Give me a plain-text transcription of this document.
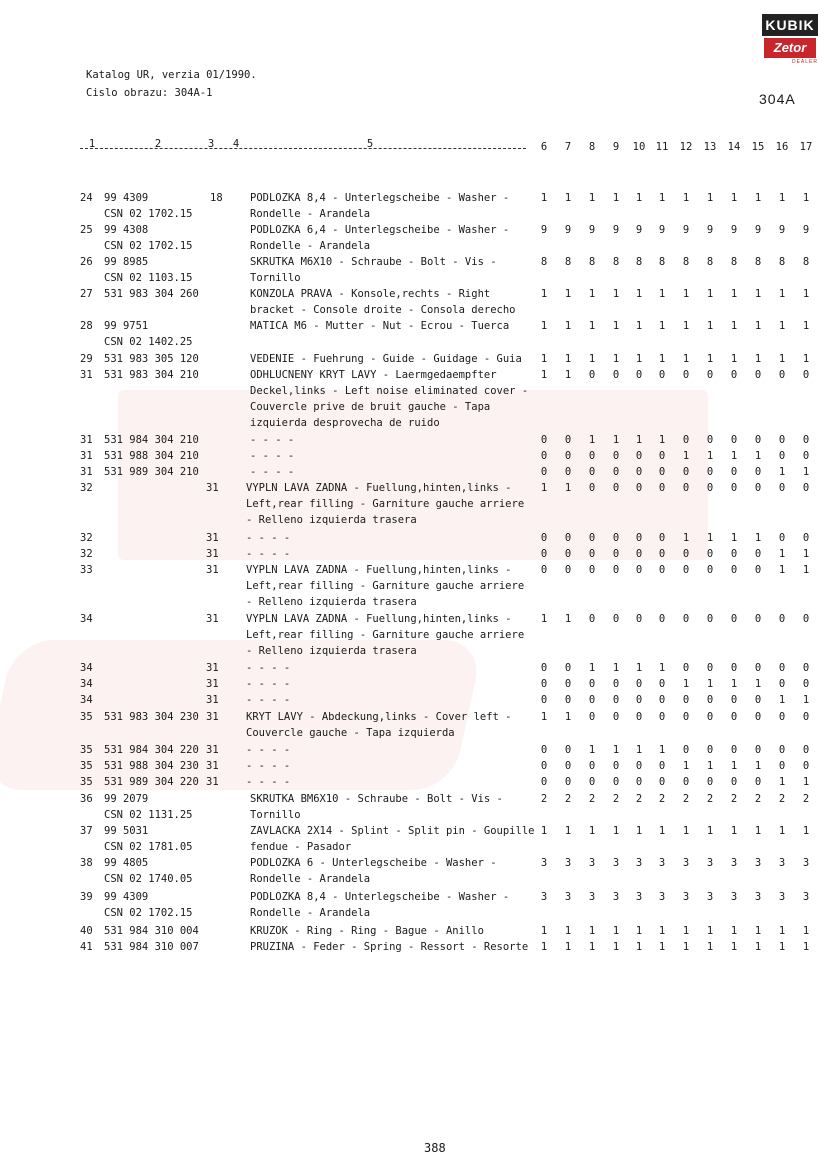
KUBIK
Zetor
DEALER
Katalog UR, verzia 01/1990.
Cislo obrazu: 304A-1	304A
1	2	3	4	5	6	7	8	9	10 11	12	13	14	15	16	17
24 99 4309
CSN 02 1702.15
18	PODLOZKA 8,4 - Unterlegscheibe - Washer -
Rondelle - Arandela
1	1	1	1	1	1	1	1	1	1	1	1
25 99 4308
CSN 02 1702.15
PODLOZKA 6,4 - Unterlegscheibe - Washer -
Rondelle - Arandela
9	9	9	9	9	9	9	9	9	9	9	9
26 99 8985
CSN 02 1103.15
SKRUTKA M6X10 - Schraube - Bolt - Vis -
Tornillo
8	8	8	8	8	8	8	8	8	8	8	8
27 531 983 304 260	KONZOLA PRAVA - Konsole,rechts - Right
bracket - Console droite - Consola derecho
1	1	1	1	1	1	1	1	1	1	1	1
28 99 9751
CSN 02 1402.25
MATICA M6 - Mutter - Nut - Ecrou - Tuerca	1	1	1	1	1	1	1	1	1	1	1	1
29 531 983 305 120	VEDENIE - Fuehrung - Guide - Guidage - Guia	1	1	1	1	1	1	1	1	1	1	1	1
31 531 983 304 210	ODHLUCNENY KRYT LAVY - Laermgedaempfter
Deckel,links - Left noise eliminated cover -
Couvercle prive de bruit gauche - Tapa
izquierda desprovecha de ruido
1	1	0	0	0	0	0	0	0	0	0	0
31 531 984 304 210	- - - -	0	0	1	1	1	1	0	0	0	0	0	0
31 531 988 304 210	- - - -	0	0	0	0	0	0	1	1	1	1	0	0
31 531 989 304 210	- - - -	0	0	0	0	0	0	0	0	0	0	1	1
32	31	VYPLN LAVA ZADNA - Fuellung,hinten,links -
Left,rear filling - Garniture gauche arriere
- Relleno izquierda trasera
1	1	0	0	0	0	0	0	0	0	0	0
32	31	- - - -	0	0	0	0	0	0	1	1	1	1	0	0
32	31	- - - -	0	0	0	0	0	0	0	0	0	0	1	1
33	31	VYPLN LAVA ZADNA - Fuellung,hinten,links -
Left,rear filling - Garniture gauche arriere
- Relleno izquierda trasera
0	0	0	0	0	0	0	0	0	0	1	1
34	31	VYPLN LAVA ZADNA - Fuellung,hinten,links -
Left,rear filling - Garniture gauche arriere
- Relleno izquierda trasera
1	1	0	0	0	0	0	0	0	0	0	0
34	31	- - - -	0	0	1	1	1	1	0	0	0	0	0	0
34	31	- - - -	0	0	0	0	0	0	1	1	1	1	0	0
34	31	- - - -	0	0	0	0	0	0	0	0	0	0	1	1
35 531 983 304 230 31	KRYT LAVY - Abdeckung,links - Cover left -
Couvercle gauche - Tapa izquierda
1	1	0	0	0	0	0	0	0	0	0	0
35 531 984 304 220 31	- - - -	0	0	1	1	1	1	0	0	0	0	0	0
35 531 988 304 230 31	- - - -	0	0	0	0	0	0	1	1	1	1	0	0
35 531 989 304 220 31	- - - -	0	0	0	0	0	0	0	0	0	0	1	1
36 99 2079
CSN 02 1131.25
SKRUTKA BM6X10 - Schraube - Bolt - Vis -
Tornillo
2	2	2	2	2	2	2	2	2	2	2	2
37 99 5031
CSN 02 1781.05
ZAVLACKA 2X14 - Splint - Split pin - Goupille
fendue - Pasador
1	1	1	1	1	1	1	1	1	1	1	1
38 99 4805
CSN 02 1740.05
PODLOZKA 6 - Unterlegscheibe - Washer -
Rondelle - Arandela
3	3	3	3	3	3	3	3	3	3	3	3
39 99 4309
CSN 02 1702.15
PODLOZKA 8,4 - Unterlegscheibe - Washer -
Rondelle - Arandela
3	3	3	3	3	3	3	3	3	3	3	3
40 531 984 310 004	KRUZOK - Ring - Ring - Bague - Anillo	1	1	1	1	1	1	1	1	1	1	1	1
41 531 984 310 007	PRUZINA - Feder - Spring - Ressort - Resorte	1	1	1	1	1	1	1	1	1	1	1	1
388
